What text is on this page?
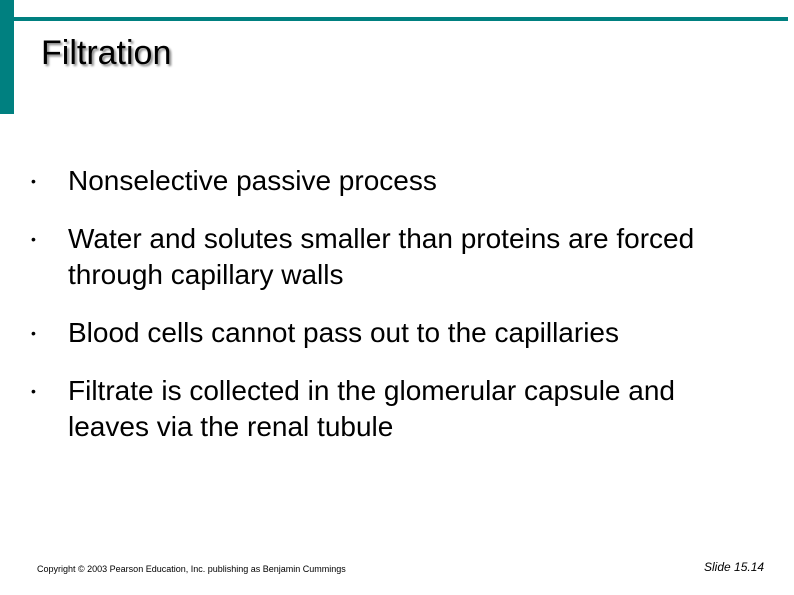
Filtration
•	Nonselective passive process
•	Water and solutes smaller than proteins are forced through capillary walls
•	Blood cells cannot pass out to the capillaries
•	Filtrate is collected in the glomerular capsule and leaves via the renal tubule
Copyright © 2003 Pearson Education, Inc. publishing as Benjamin Cummings	Slide 15.14
